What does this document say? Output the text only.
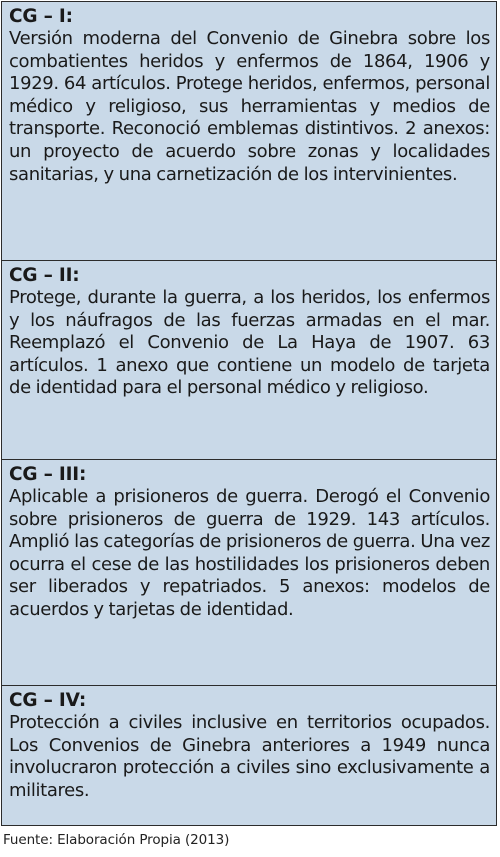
CG – I:
Versión moderna del Convenio de Ginebra sobre los combatientes heridos y enfermos de 1864, 1906 y 1929. 64 artículos. Protege heridos, enfermos, personal médico y religioso, sus herramientas y medios de transporte. Reconoció emblemas distintivos. 2 anexos: un proyecto de acuerdo sobre zonas y localidades sanitarias, y una carnetización de los intervinientes.
CG – II:
Protege, durante la guerra, a los heridos, los enfermos y los náufragos de las fuerzas armadas en el mar. Reemplazó el Convenio de La Haya de 1907. 63 artículos. 1 anexo que contiene un modelo de tarjeta de identidad para el personal médico y religioso.
CG – III:
Aplicable a prisioneros de guerra. Derogó el Convenio sobre prisioneros de guerra de 1929. 143 artículos. Amplió las categorías de prisioneros de guerra. Una vez ocurra el cese de las hostilidades los prisioneros deben ser liberados y repatriados. 5 anexos: modelos de acuerdos y tarjetas de identidad.
CG – IV:
Protección a civiles inclusive en territorios ocupados. Los Convenios de Ginebra anteriores a 1949 nunca involucraron protección a civiles sino exclusivamente a militares.
Fuente: Elaboración Propia (2013)
